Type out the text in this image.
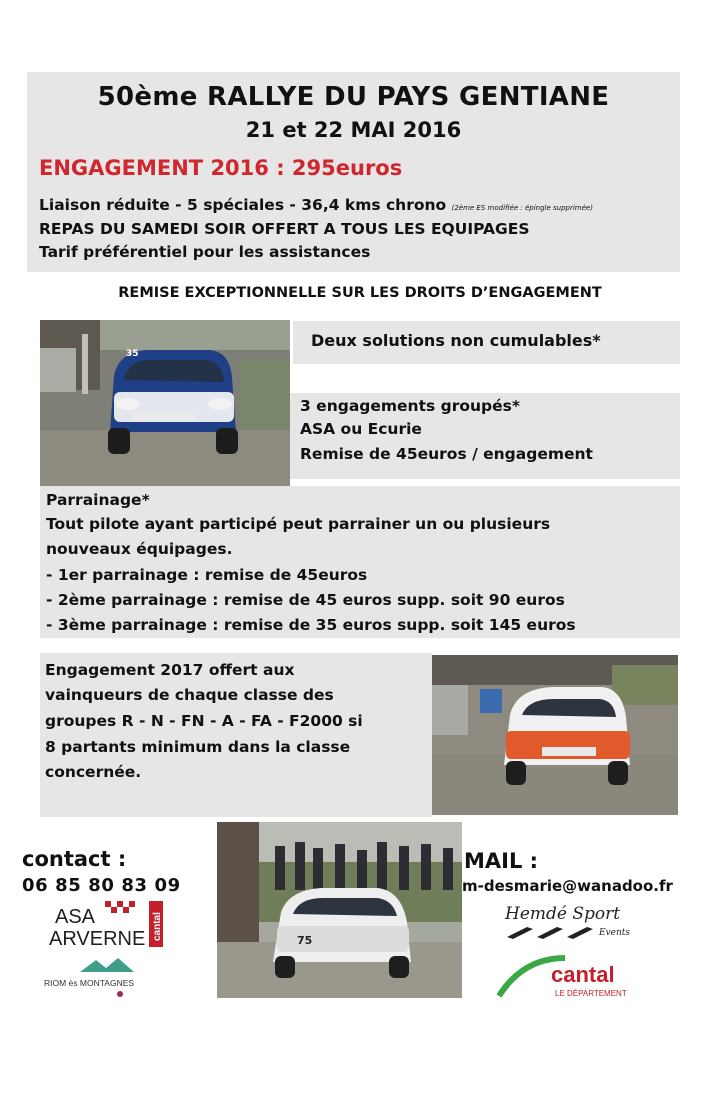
50ème RALLYE DU PAYS GENTIANE
21 et 22 MAI 2016
ENGAGEMENT 2016 : 295euros
Liaison réduite - 5 spéciales - 36,4 kms chrono (2ème ES modifiée : épingle supprimée)
REPAS DU SAMEDI SOIR OFFERT A TOUS LES EQUIPAGES
Tarif préférentiel pour les assistances
REMISE EXCEPTIONNELLE SUR LES DROITS D’ENGAGEMENT
35
Deux solutions non cumulables*
3 engagements groupés*
ASA ou Ecurie
Remise de 45euros / engagement
Parrainage*
Tout pilote ayant participé peut parrainer un ou plusieurs
nouveaux équipages.
- 1er parrainage : remise de 45euros
- 2ème parrainage : remise de 45 euros supp. soit 90 euros
- 3ème parrainage : remise de 35 euros supp. soit 145 euros
Engagement 2017 offert aux
vainqueurs de chaque classe des
groupes R - N - FN - A - FA - F2000 si
8 partants minimum dans la classe
concernée.
75
contact :
06 85 80 83 09
MAIL :
m-desmarie@wanadoo.fr
ASA
ARVERNE cantal
RIOM ès MONTAGNES
Hemdé Sport
Events
cantal
LE DÉPARTEMENT
